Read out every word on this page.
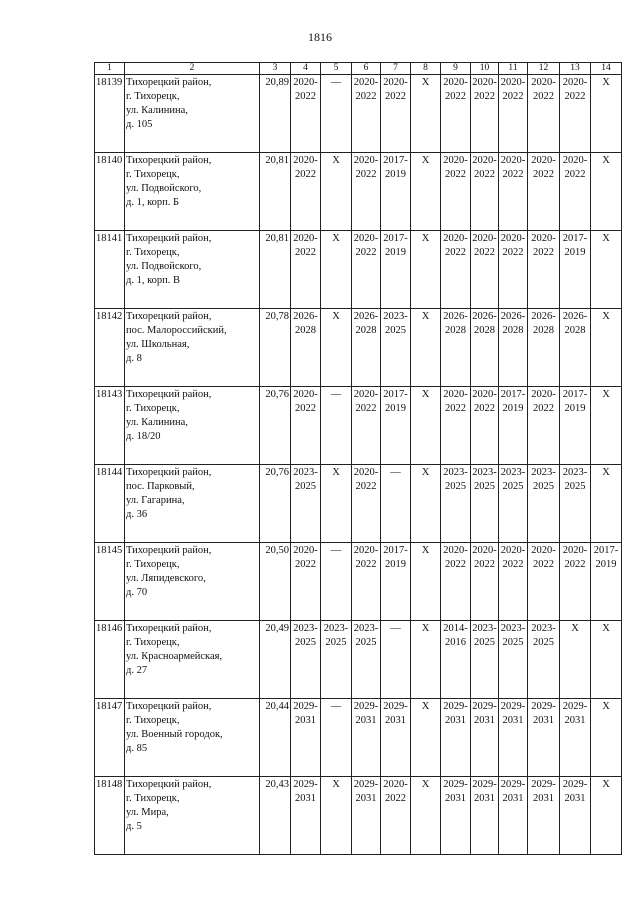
1816
1	2	3	4	5	6	7	8	9	10	11	12	13	14
18139	Тихорецкий район,
г. Тихорецк,
ул. Калинина,
д. 105	20,89	2020-
2022	—	2020-
2022	2020-
2022	X	2020-
2022	2020-
2022	2020-
2022	2020-
2022	2020-
2022	X
18140	Тихорецкий район,
г. Тихорецк,
ул. Подвойского,
д. 1, корп. Б	20,81	2020-
2022	X	2020-
2022	2017-
2019	X	2020-
2022	2020-
2022	2020-
2022	2020-
2022	2020-
2022	X
18141	Тихорецкий район,
г. Тихорецк,
ул. Подвойского,
д. 1, корп. В	20,81	2020-
2022	X	2020-
2022	2017-
2019	X	2020-
2022	2020-
2022	2020-
2022	2020-
2022	2017-
2019	X
18142	Тихорецкий район,
пос. Малороссийский,
ул. Школьная,
д. 8	20,78	2026-
2028	X	2026-
2028	2023-
2025	X	2026-
2028	2026-
2028	2026-
2028	2026-
2028	2026-
2028	X
18143	Тихорецкий район,
г. Тихорецк,
ул. Калинина,
д. 18/20	20,76	2020-
2022	—	2020-
2022	2017-
2019	X	2020-
2022	2020-
2022	2017-
2019	2020-
2022	2017-
2019	X
18144	Тихорецкий район,
пос. Парковый,
ул. Гагарина,
д. 36	20,76	2023-
2025	X	2020-
2022	—	X	2023-
2025	2023-
2025	2023-
2025	2023-
2025	2023-
2025	X
18145	Тихорецкий район,
г. Тихорецк,
ул. Ляпидевского,
д. 70	20,50	2020-
2022	—	2020-
2022	2017-
2019	X	2020-
2022	2020-
2022	2020-
2022	2020-
2022	2020-
2022	2017-
2019
18146	Тихорецкий район,
г. Тихорецк,
ул. Красноармейская,
д. 27	20,49	2023-
2025	2023-
2025	2023-
2025	—	X	2014-
2016	2023-
2025	2023-
2025	2023-
2025	X	X
18147	Тихорецкий район,
г. Тихорецк,
ул. Военный городок,
д. 85	20,44	2029-
2031	—	2029-
2031	2029-
2031	X	2029-
2031	2029-
2031	2029-
2031	2029-
2031	2029-
2031	X
18148	Тихорецкий район,
г. Тихорецк,
ул. Мира,
д. 5	20,43	2029-
2031	X	2029-
2031	2020-
2022	X	2029-
2031	2029-
2031	2029-
2031	2029-
2031	2029-
2031	X
